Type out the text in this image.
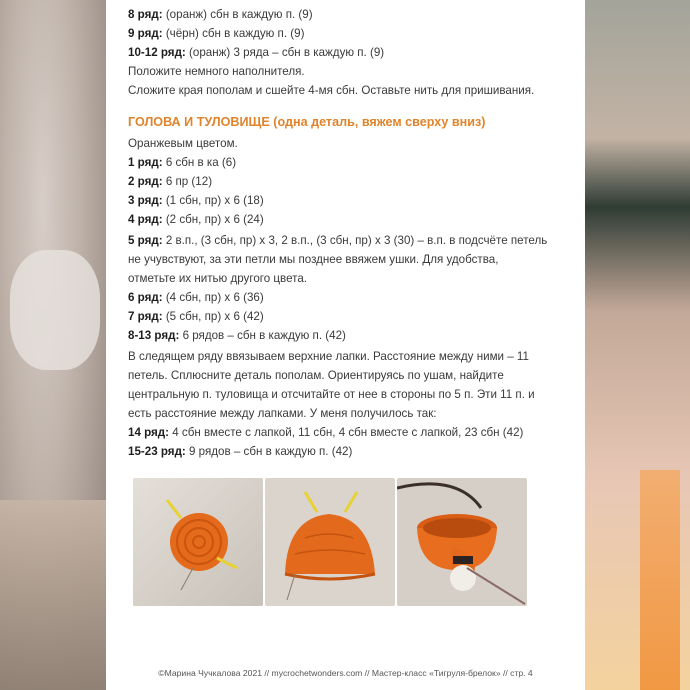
8 ряд: (оранж) сбн в каждую п. (9)
9 ряд: (чёрн) сбн в каждую п. (9)
10-12 ряд: (оранж) 3 ряда – сбн в каждую п. (9)
Положите немного наполнителя.
Сложите края пополам и сшейте 4-мя сбн. Оставьте нить для пришивания.
ГОЛОВА И ТУЛОВИЩЕ (одна деталь, вяжем сверху вниз)
Оранжевым цветом.
1 ряд: 6 сбн в ка (6)
2 ряд: 6 пр (12)
3 ряд: (1 сбн, пр) х 6 (18)
4 ряд: (2 сбн, пр) х 6 (24)
5 ряд: 2 в.п., (3 сбн, пр) х 3, 2 в.п., (3 сбн, пр) х 3 (30) – в.п. в подсчёте петель
не учувствуют, за эти петли мы позднее ввяжем ушки. Для удобства,
отметьте их нитью другого цвета.
6 ряд: (4 сбн, пр) х 6 (36)
7 ряд: (5 сбн, пр) х 6 (42)
8-13 ряд: 6 рядов – сбн в каждую п. (42)
В следящем ряду ввязываем верхние лапки. Расстояние между ними – 11
петель. Сплюсните деталь пополам. Ориентируясь по ушам, найдите
центральную п. туловища и отсчитайте от нее в стороны по 5 п. Эти 11 п. и
есть расстояние между лапками. У меня получилось так:
14 ряд: 4 сбн вместе с лапкой, 11 сбн, 4 сбн вместе с лапкой, 23 сбн (42)
15-23 ряд: 9 рядов – сбн в каждую п. (42)
©Марина Чучкалова 2021 // mycrochetwonders.com // Мастер-класс «Тигруля-брелок» // стр. 4
